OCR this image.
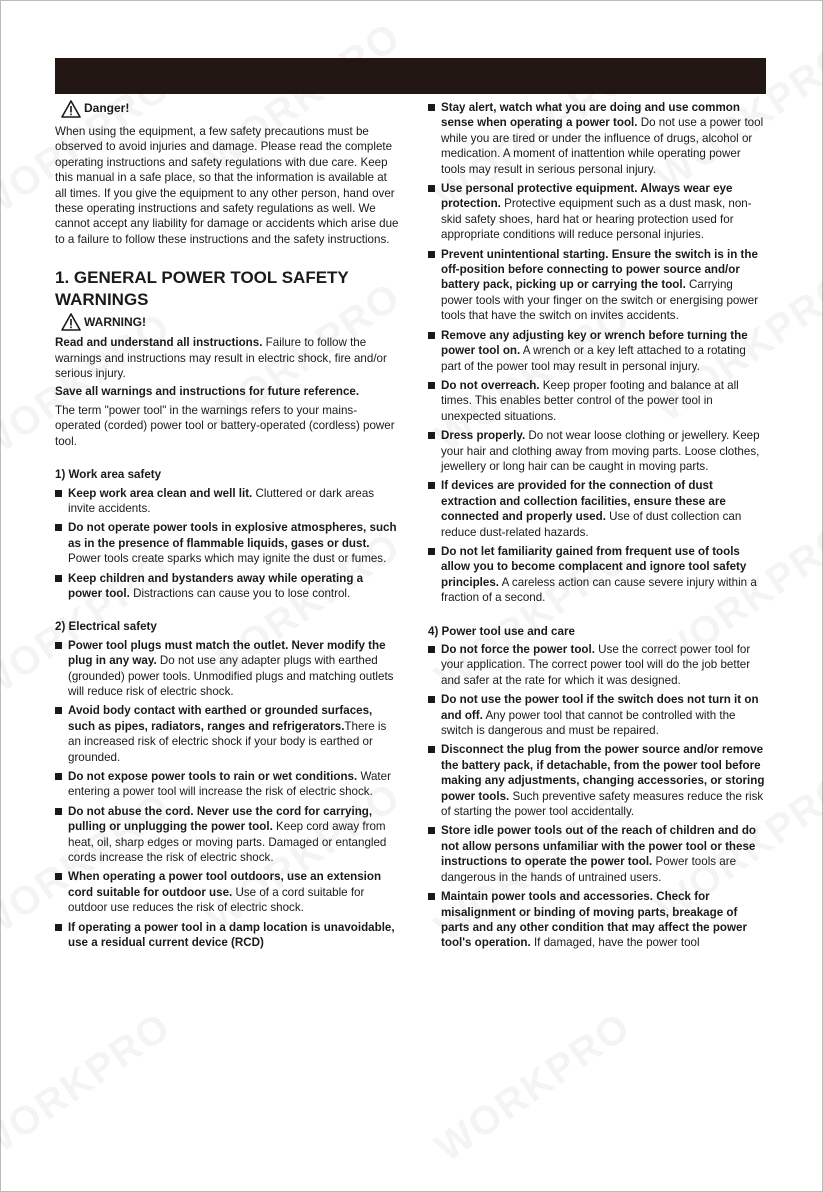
Danger!

When using the equipment, a few safety precautions must be observed to avoid injuries and damage. Please read the complete operating instructions and safety regulations with due care. Keep this manual in a safe place, so that the information is available at all times. If you give the equipment to any other person, hand over these operating instructions and safety regulations as well. We cannot accept any liability for damage or accidents which arise due to a failure to follow these instructions and the safety instructions.

1. GENERAL POWER TOOL SAFETY WARNINGS
WARNING!

Read and understand all instructions. Failure to follow the warnings and instructions may result in electric shock, fire and/or serious injury.

Save all warnings and instructions for future reference.

The term "power tool" in the warnings refers to your mains-operated (corded) power tool or battery-operated (cordless) power tool.

1) Work area safety
Keep work area clean and well lit. Cluttered or dark areas invite accidents.
Do not operate power tools in explosive atmospheres, such as in the presence of flammable liquids, gases or dust. Power tools create sparks which may ignite the dust or fumes.
Keep children and bystanders away while operating a power tool. Distractions can cause you to lose control.
2) Electrical safety
Power tool plugs must match the outlet. Never modify the plug in any way. Do not use any adapter plugs with earthed (grounded) power tools. Unmodified plugs and matching outlets will reduce risk of electric shock.
Avoid body contact with earthed or grounded surfaces, such as pipes, radiators, ranges and refrigerators.There is an increased risk of electric shock if your body is earthed or grounded.
Do not expose power tools to rain or wet conditions. Water entering a power tool will increase the risk of electric shock.
Do not abuse the cord. Never use the cord for carrying, pulling or unplugging the power tool. Keep cord away from heat, oil, sharp edges or moving parts. Damaged or entangled cords increase the risk of electric shock.
When operating a power tool outdoors, use an extension cord suitable for outdoor use. Use of a cord suitable for outdoor use reduces the risk of electric shock.
If operating a power tool in a damp location is unavoidable, use a residual current device (RCD)
Stay alert, watch what you are doing and use common sense when operating a power tool. Do not use a power tool while you are tired or under the influence of drugs, alcohol or medication. A moment of inattention while operating power tools may result in serious personal injury.
Use personal protective equipment. Always wear eye protection. Protective equipment such as a dust mask, non-skid safety shoes, hard hat or hearing protection used for appropriate conditions will reduce personal injuries.
Prevent unintentional starting. Ensure the switch is in the off-position before connecting to power source and/or battery pack, picking up or carrying the tool. Carrying power tools with your finger on the switch or energising power tools that have the switch on invites accidents.
Remove any adjusting key or wrench before turning the power tool on. A wrench or a key left attached to a rotating part of the power tool may result in personal injury.
Do not overreach. Keep proper footing and balance at all times. This enables better control of the power tool in unexpected situations.
Dress properly. Do not wear loose clothing or jewellery. Keep your hair and clothing away from moving parts. Loose clothes, jewellery or long hair can be caught in moving parts.
If devices are provided for the connection of dust extraction and collection facilities, ensure these are connected and properly used. Use of dust collection can reduce dust-related hazards.
Do not let familiarity gained from frequent use of tools allow you to become complacent and ignore tool safety principles. A careless action can cause severe injury within a fraction of a second.
4) Power tool use and care
Do not force the power tool. Use the correct power tool for your application. The correct power tool will do the job better and safer at the rate for which it was designed.
Do not use the power tool if the switch does not turn it on and off. Any power tool that cannot be controlled with the switch is dangerous and must be repaired.
Disconnect the plug from the power source and/or remove the battery pack, if detachable, from the power tool before making any adjustments, changing accessories, or storing power tools. Such preventive safety measures reduce the risk of starting the power tool accidentally.
Store idle power tools out of the reach of children and do not allow persons unfamiliar with the power tool or these instructions to operate the power tool. Power tools are dangerous in the hands of untrained users.
Maintain power tools and accessories. Check for misalignment or binding of moving parts, breakage of parts and any other condition that may affect the power tool's operation. If damaged, have the power tool
